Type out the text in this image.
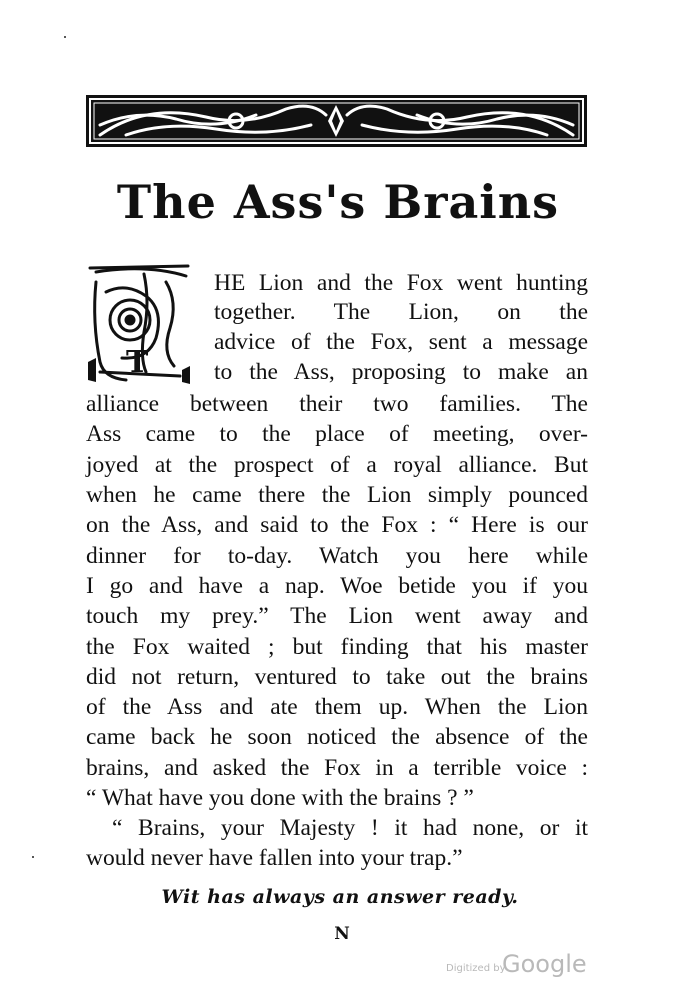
The Ass's Brains
T
HE Lion and the Fox went hunting
together. The Lion, on the
advice of the Fox, sent a message
to the Ass, proposing to make an
alliance between their two families. The
Ass came to the place of meeting, over-
joyed at the prospect of a royal alliance. But
when he came there the Lion simply pounced
on the Ass, and said to the Fox : “ Here is our
dinner for to-day. Watch you here while
I go and have a nap. Woe betide you if you
touch my prey.” The Lion went away and
the Fox waited ; but finding that his master
did not return, ventured to take out the brains
of the Ass and ate them up. When the Lion
came back he soon noticed the absence of the
brains, and asked the Fox in a terrible voice :
“ What have you done with the brains ? ”
“ Brains, your Majesty ! it had none, or it
would never have fallen into your trap.”
Wit has always an answer ready.
N
Digitized by
Google
